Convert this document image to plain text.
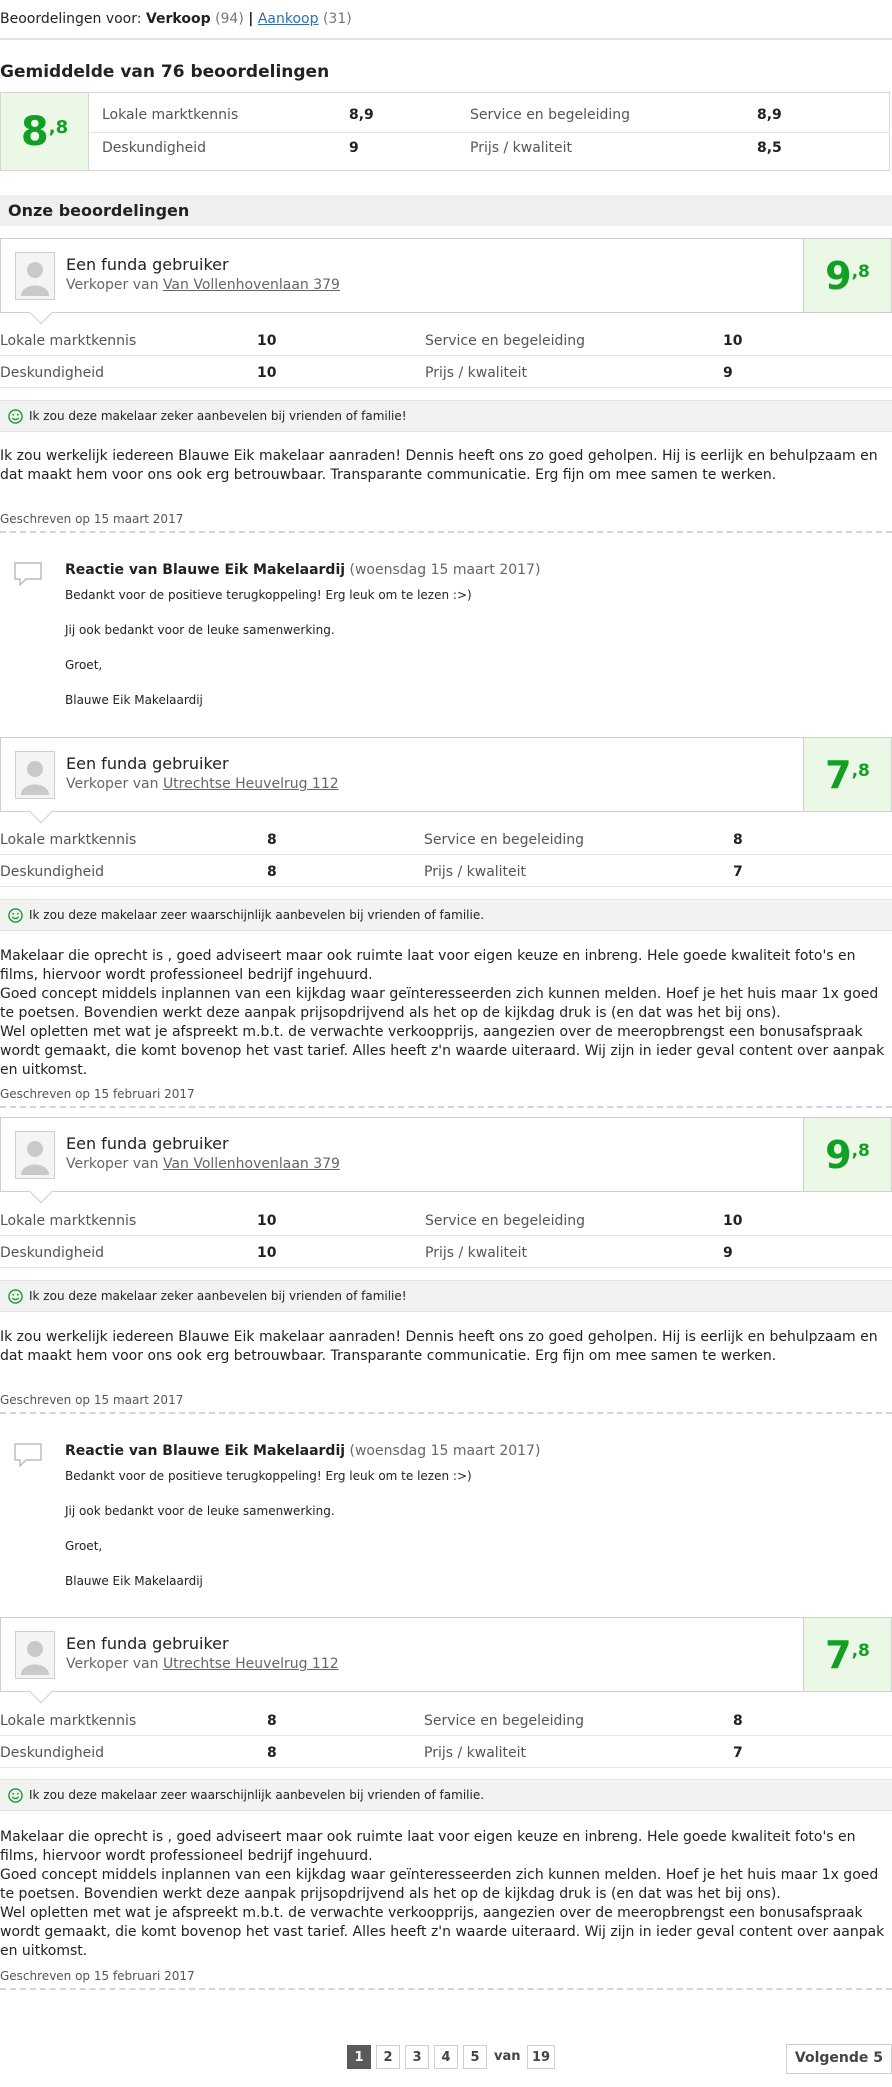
Beoordelingen voor: Verkoop (94) | Aankoop (31)
Gemiddelde van 76 beoordelingen
$8^{,8}$
Lokale marktkennis	8,9	Service en begeleiding	8,9
Deskundigheid	9	Prijs / kwaliteit	8,5
Onze beoordelingen
Een funda gebruiker
Verkoper van Van Vollenhovenlaan 379	$9^{,8}$
Lokale marktkennis	10	Service en begeleiding	10
Deskundigheid	10	Prijs / kwaliteit	9
Ik zou deze makelaar zeker aanbevelen bij vrienden of familie!
Ik zou werkelijk iedereen Blauwe Eik makelaar aanraden! Dennis heeft ons zo goed geholpen. Hij is eerlijk en behulpzaam en dat maakt hem voor ons ook erg betrouwbaar. Transparante communicatie. Erg fijn om mee samen te werken.
Geschreven op 15 maart 2017
Reactie van Blauwe Eik Makelaardij (woensdag 15 maart 2017)

Bedankt voor de positieve terugkoppeling! Erg leuk om te lezen :>)

Jij ook bedankt voor de leuke samenwerking.

Groet,

Blauwe Eik Makelaardij

Een funda gebruiker
Verkoper van Utrechtse Heuvelrug 112	$7^{,8}$
Lokale marktkennis	8	Service en begeleiding	8
Deskundigheid	8	Prijs / kwaliteit	7
Ik zou deze makelaar zeer waarschijnlijk aanbevelen bij vrienden of familie.
Makelaar die oprecht is , goed adviseert maar ook ruimte laat voor eigen keuze en inbreng. Hele goede kwaliteit foto's en films, hiervoor wordt professioneel bedrijf ingehuurd.
Goed concept middels inplannen van een kijkdag waar geïnteresseerden zich kunnen melden. Hoef je het huis maar 1x goed te poetsen. Bovendien werkt deze aanpak prijsopdrijvend als het op de kijkdag druk is (en dat was het bij ons).
Wel opletten met wat je afspreekt m.b.t. de verwachte verkoopprijs, aangezien over de meeropbrengst een bonusafspraak wordt gemaakt, die komt bovenop het vast tarief. Alles heeft z'n waarde uiteraard. Wij zijn in ieder geval content over aanpak en uitkomst.
Geschreven op 15 februari 2017
Een funda gebruiker
Verkoper van Van Vollenhovenlaan 379	$9^{,8}$
Lokale marktkennis	10	Service en begeleiding	10
Deskundigheid	10	Prijs / kwaliteit	9
Ik zou deze makelaar zeker aanbevelen bij vrienden of familie!
Ik zou werkelijk iedereen Blauwe Eik makelaar aanraden! Dennis heeft ons zo goed geholpen. Hij is eerlijk en behulpzaam en dat maakt hem voor ons ook erg betrouwbaar. Transparante communicatie. Erg fijn om mee samen te werken.
Geschreven op 15 maart 2017
Reactie van Blauwe Eik Makelaardij (woensdag 15 maart 2017)

Bedankt voor de positieve terugkoppeling! Erg leuk om te lezen :>)

Jij ook bedankt voor de leuke samenwerking.

Groet,

Blauwe Eik Makelaardij

Een funda gebruiker
Verkoper van Utrechtse Heuvelrug 112	$7^{,8}$
Lokale marktkennis	8	Service en begeleiding	8
Deskundigheid	8	Prijs / kwaliteit	7
Ik zou deze makelaar zeer waarschijnlijk aanbevelen bij vrienden of familie.
Makelaar die oprecht is , goed adviseert maar ook ruimte laat voor eigen keuze en inbreng. Hele goede kwaliteit foto's en films, hiervoor wordt professioneel bedrijf ingehuurd.
Goed concept middels inplannen van een kijkdag waar geïnteresseerden zich kunnen melden. Hoef je het huis maar 1x goed te poetsen. Bovendien werkt deze aanpak prijsopdrijvend als het op de kijkdag druk is (en dat was het bij ons).
Wel opletten met wat je afspreekt m.b.t. de verwachte verkoopprijs, aangezien over de meeropbrengst een bonusafspraak wordt gemaakt, die komt bovenop het vast tarief. Alles heeft z'n waarde uiteraard. Wij zijn in ieder geval content over aanpak en uitkomst.
Geschreven op 15 februari 2017
1	2	3	4	5	van 19	Volgende 5
